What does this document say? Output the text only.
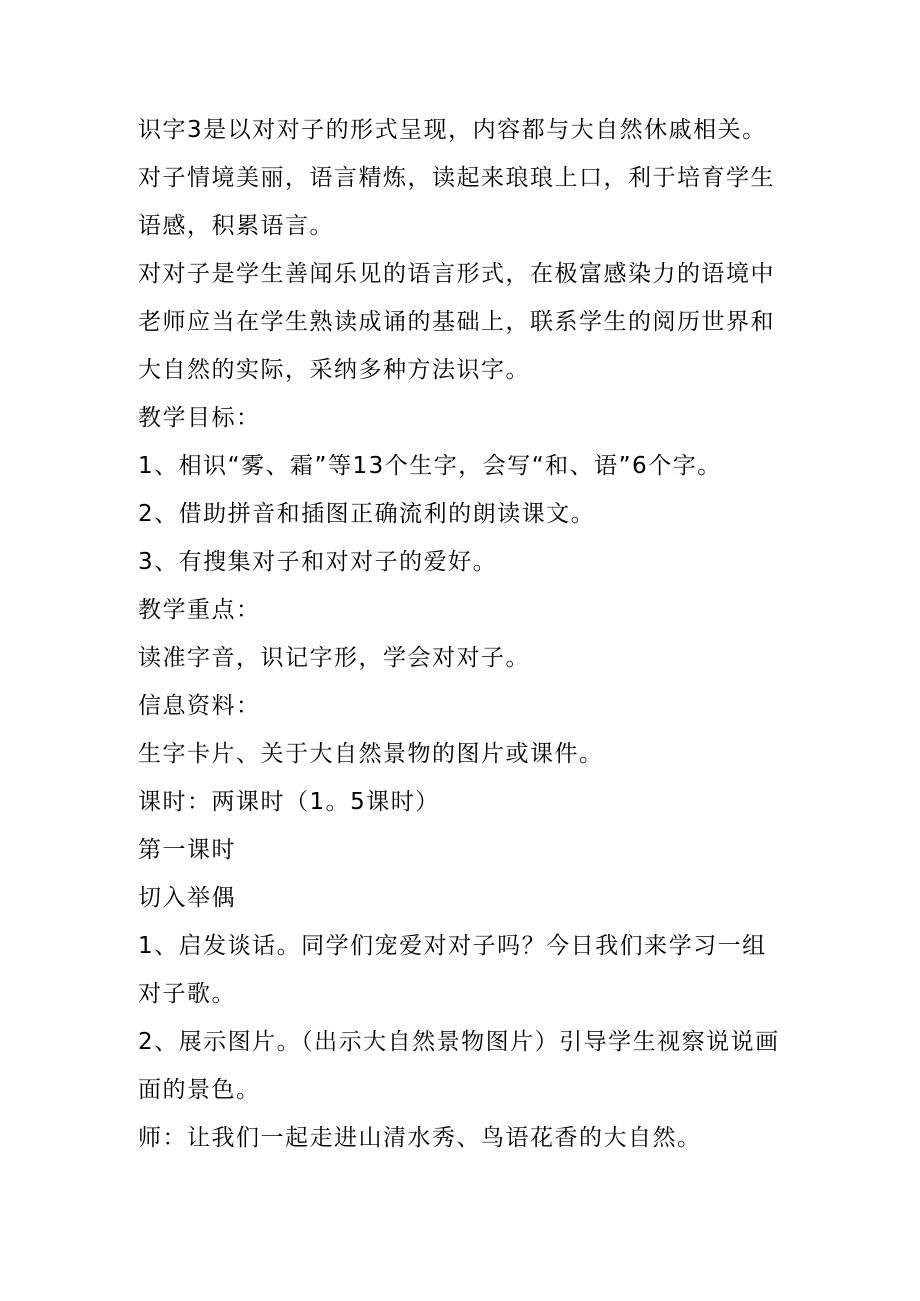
识字3是以对对子的形式呈现，内容都与大自然休戚相关。对子情境美丽，语言精炼，读起来琅琅上口，利于培育学生语感，积累语言。

对对子是学生善闻乐见的语言形式，在极富感染力的语境中老师应当在学生熟读成诵的基础上，联系学生的阅历世界和大自然的实际，采纳多种方法识字。

教学目标：

1、相识“雾、霜”等13个生字，会写“和、语”6个字。

2、借助拼音和插图正确流利的朗读课文。

3、有搜集对子和对对子的爱好。

教学重点：

读准字音，识记字形，学会对对子。

信息资料：

生字卡片、关于大自然景物的图片或课件。

课时：两课时（1。5课时）

第一课时

切入举偶

1、启发谈话。同学们宠爱对对子吗？今日我们来学习一组对子歌。

2、展示图片。（出示大自然景物图片）引导学生视察说说画面的景色。

师：让我们一起走进山清水秀、鸟语花香的大自然。
